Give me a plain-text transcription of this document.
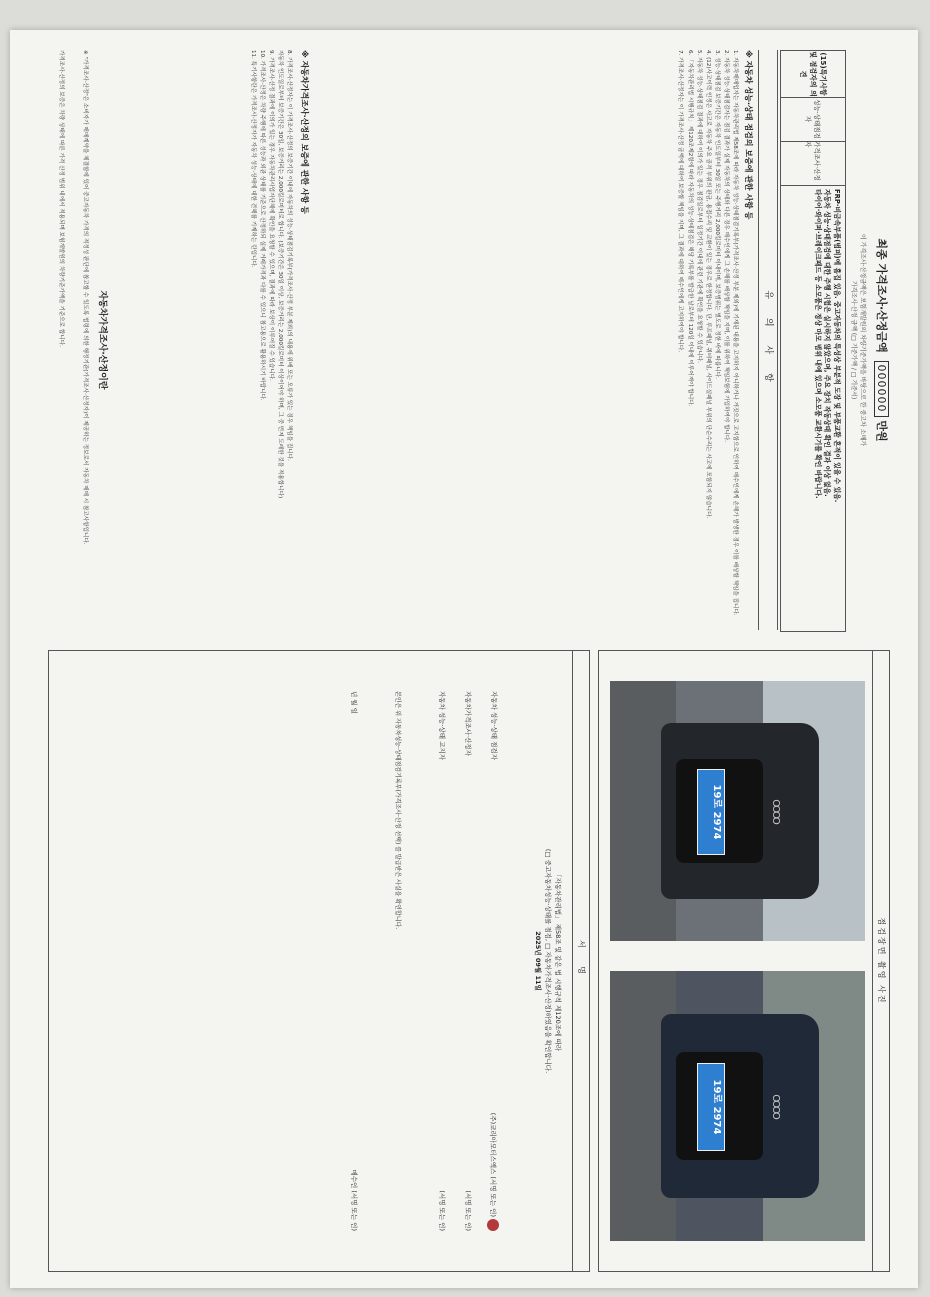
최종 가격조사·산정금액 000000 만원
이 가격조사·산정금액은 보험개발원의 차량기준가액을 바탕으로 한 중고차 소매가
가격조사·산정 금액 (□ 기준가액 / □ 기준서)
(15)특기사항 및 점검자의 의견
성능·상태점검자
가격조사·산정자
FRP·비금속부품(범퍼)에 흠집 있음. 중고자동차의 특성상 부분적 도장 및 부품교환 흔적이 있을 수 있음.
자동차 성능·상태점검에 대한 주행 시험은 실시하지 않았으며, 주요 장치 작동상태 확인 결과 이상 없음.
타이어·와이퍼·브레이크패드 등 소모품은 정상 마모 범위 내에 있으며 소모품 교환시기를 확인 바랍니다.
유 의 사 항
※ 자동차 성능·상태 점검의 보증에 관한 사항 등

1. 자동차매매업자는 자동차관리법 제58조에 따라 자동차 성능·상태점검기록부(가격조사·산정 부분 제외)에 기재된 내용을 고지하지 아니하거나 거짓으로 고지함으로 인하여 매수인에게 손해가 발생한 경우 이를 배상할 책임을 집니다.

2. 자동차 성능·상태점검자는 점검 결과가 실제 자동차의 상태와 다른 경우 매수인에게 그 손해를 배상할 책임을 지며, 이를 위하여 책임보험에 가입하여야 합니다.

3. 성능·상태점검 보증기간은 자동차 인도일부터 30일 또는 주행거리 2,000킬로미터 이내이며, 보증범위는 별도로 정한 바에 따릅니다.

4. (12)사고이력 인정은 사고로 자동차 주요 골격 부위의 판금, 용접수리 및 교환이 있는 경우로 한정합니다. 단, 루프패널, 쿼터패널, 사이드실패널 부위의 단순수리는 사고에 포함되지 않습니다.

5. 자동차 성능·상태점검 결과에 대하여 이의가 있는 경우 점검일로부터 일정기간 이내에 관련 기관에 확인을 요청할 수 있습니다.

6. 「자동차관리법 시행규칙」 제120조제2항에 따라 자동차의 성능·상태점검은 해당 기록부를 발급한 날로부터 120일 이내에 이루어져야 합니다.

7. 가격조사·산정자는 이 가격조사·산정 금액에 대하여 보증할 책임을 지며, 그 결과에 대하여 매수인에게 고지하여야 합니다.

※ 자동차가격조사·산정의 보증에 관한 사항 등

8. 가격조사·산정자는 이 가격조사·산정의 보증기간 이내에 자동차의 성능·상태점검기록부(가격조사·산정 부분 제외)의 내용에 위배 또는 오류가 있는 경우 책임을 집니다.

자동차 인도일로부터 보증기간은 30일, 보증거리는 2,000킬로미터로 합니다. (보증기간은 30일 이상, 보증거리는 2,000킬로미터 이상이어야 하며, 그 중 먼저 도래한 것을 적용합니다)

9. 가격조사·산정 결과에 이의가 있는 경우 자동차관리사업자단체에 확인을 요청할 수 있으며, 결과에 따라 보상이 이루어질 수 있습니다.

10. 가격조사·산정은 차량 주행에 따른 성능과 외관 상태를 기준으로 산정하되 실제 거래가격과 다를 수 있으니 참고용으로 활용하시기 바랍니다.

11. 특기사항란은 가격조사·산정자가 자동차 성능·상태에 대한 견해를 기재하는 란입니다.

자동차가격조사·산정이란
※ "가격조사·산정"은 소비자가 매매계약을 체결함에 있어 중고자동차 가격의 적정성 판단에 참고할 수 있도록 법령에 의한 행정기관(가격조사·산정자)이 제공하는 정보로서 자동차 매매 시 참고사항입니다.
가격조사·산정의 보증은 차량 상태에 따른 가격 산정 범위 내에서 적용되며 보험개발원의 차량기준가액을 기준으로 합니다.
점검장면 촬영 사진
OOOO
19로 2974
OOOO
19로 2974
서 명
「자동차관리법」 제58조 및 같은 법 시행규칙 제120조에 따라
(□ 중고자동차성능·상태를 점검, □ 자동차가격조사·산정)하였음을 확인합니다.
2025년 09월 11일
자동차 성능·상태 점검자
(주)코리아모터스엑스 (서명 또는 인)
자동차가격조사·산정자
(서명 또는 인)
자동차 성능·상태 고지자
(서명 또는 인)
본인은 위 자동차성능·상태점검기록부(가격조사·산정 선택) 를 발급받은 사실을 확인합니다.
년 월 일
매수인 (서명 또는 인)
